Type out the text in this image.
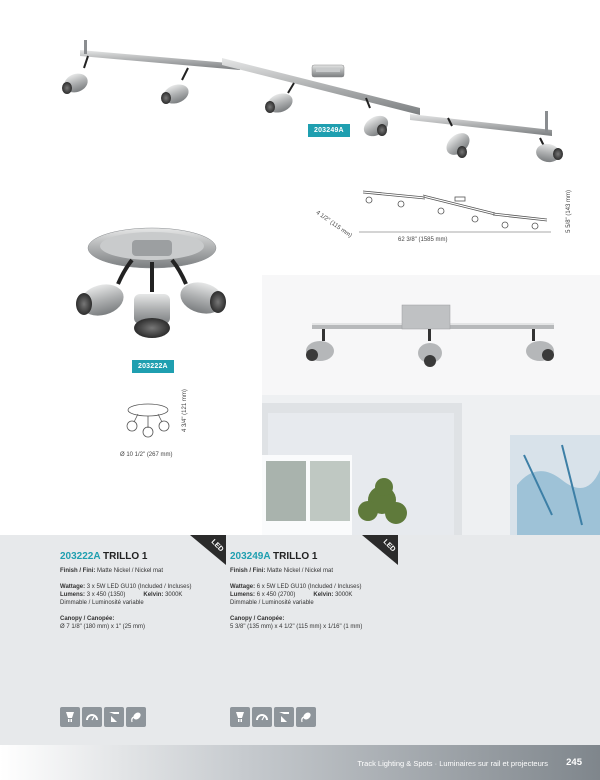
203249A
62 3/8" (1585 mm)
4 1/2" (115 mm)	5 5/8" (143 mm)
203222A
4 3/4" (121 mm)
Ø 10 1/2" (267 mm)
LED	LED
203222A TRILLO 1
Finish / Fini: Matte Nickel / Nickel mat
Wattage: 3 x 5W LED GU10 (Included / Incluses)
Lumens: 3 x 450 (1350)	Kelvin: 3000K
Dimmable / Luminosité variable
Canopy / Canopée:
Ø 7 1/8" (180 mm) x 1" (25 mm)
203249A TRILLO 1
Finish / Fini: Matte Nickel / Nickel mat
Wattage: 6 x 5W LED GU10 (Included / Incluses)
Lumens: 6 x 450 (2700)	Kelvin: 3000K
Dimmable / Luminosité variable
Canopy / Canopée:
5 3/8" (135 mm) x 4 1/2" (115 mm) x 1/16" (1 mm)
Track Lighting & Spots · Luminaires sur rail et projecteurs 245
